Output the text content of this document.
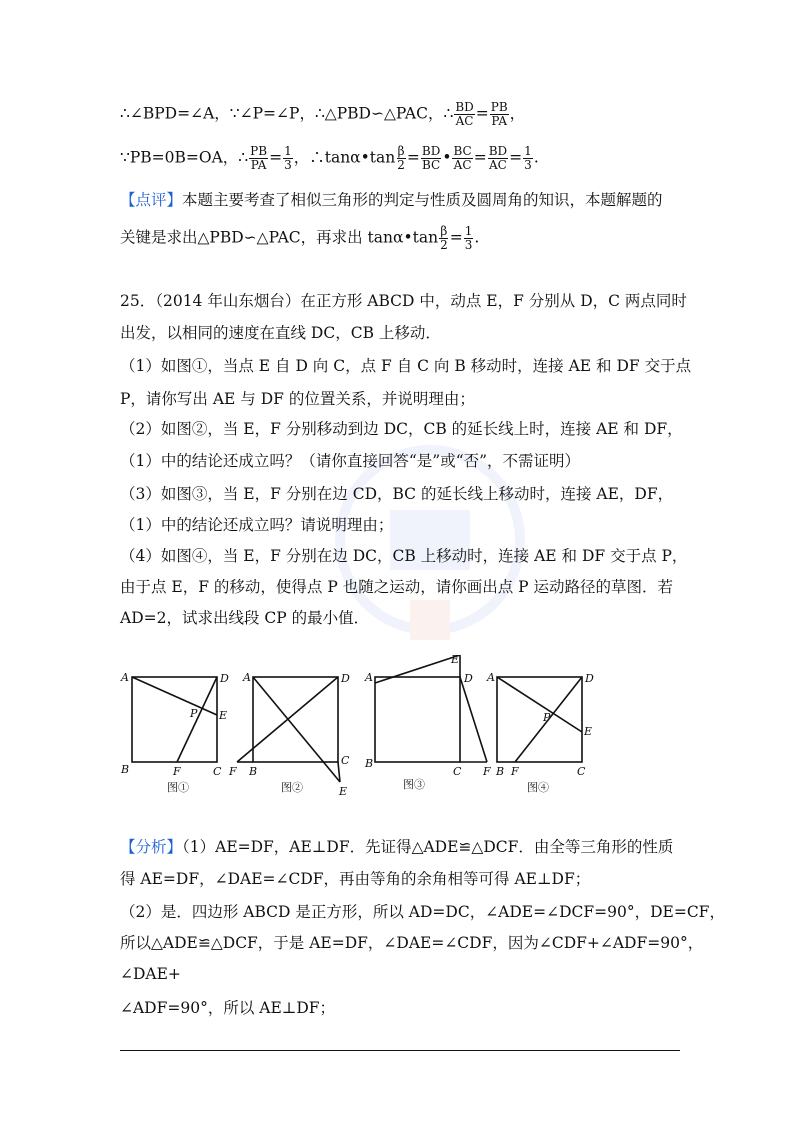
∴∠BPD=∠A，∵∠P=∠P，∴△PBD∽△PAC，∴ $\frac{BD}{AC} = \frac{PB}{PA}$ ，
∵PB=0B=OA，∴ $\frac{PB}{PA} = \frac{1}{3}$ ，∴tanα•tan $\frac{\beta}{2} = \frac{BD}{BC}$ • $\frac{BC}{AC} = \frac{BD}{AC} = \frac{1}{3}$ .
【点评】本题主要考查了相似三角形的判定与性质及圆周角的知识，本题解题的
关键是求出△PBD∽△PAC，再求出 tanα•tan $\frac{\beta}{2} = \frac{1}{3}$ .
25．（2014 年山东烟台）在正方形 ABCD 中，动点 E，F 分别从 D，C 两点同时
出发，以相同的速度在直线 DC，CB 上移动．
（1）如图①，当点 E 自 D 向 C，点 F 自 C 向 B 移动时，连接 AE 和 DF 交于点
P，请你写出 AE 与 DF 的位置关系，并说明理由；
（2）如图②，当 E，F 分别移动到边 DC，CB 的延长线上时，连接 AE 和 DF，
（1）中的结论还成立吗？（请你直接回答“是”或“否”，不需证明）
（3）如图③，当 E，F 分别在边 CD，BC 的延长线上移动时，连接 AE，DF，
（1）中的结论还成立吗？请说明理由；
（4）如图④，当 E，F 分别在边 DC，CB 上移动时，连接 AE 和 DF 交于点 P，
由于点 E，F 的移动，使得点 P 也随之运动，请你画出点 P 运动路径的草图．若
AD=2，试求出线段 CP 的最小值．
A	D
B	C
E
F
P
图①
A	D
B
C
E
F
图②
A	D
B
C
E
F
图③
A	D
B	C
E
F
P
图④
【分析】（1）AE=DF，AE⊥DF．先证得△ADE≌△DCF．由全等三角形的性质
得 AE=DF，∠DAE=∠CDF，再由等角的余角相等可得 AE⊥DF；
（2）是．四边形 ABCD 是正方形，所以 AD=DC，∠ADE=∠DCF=90°，DE=CF，
所以△ADE≌△DCF，于是 AE=DF，∠DAE=∠CDF，因为∠CDF+∠ADF=90°，
∠DAE+
∠ADF=90°，所以 AE⊥DF；
